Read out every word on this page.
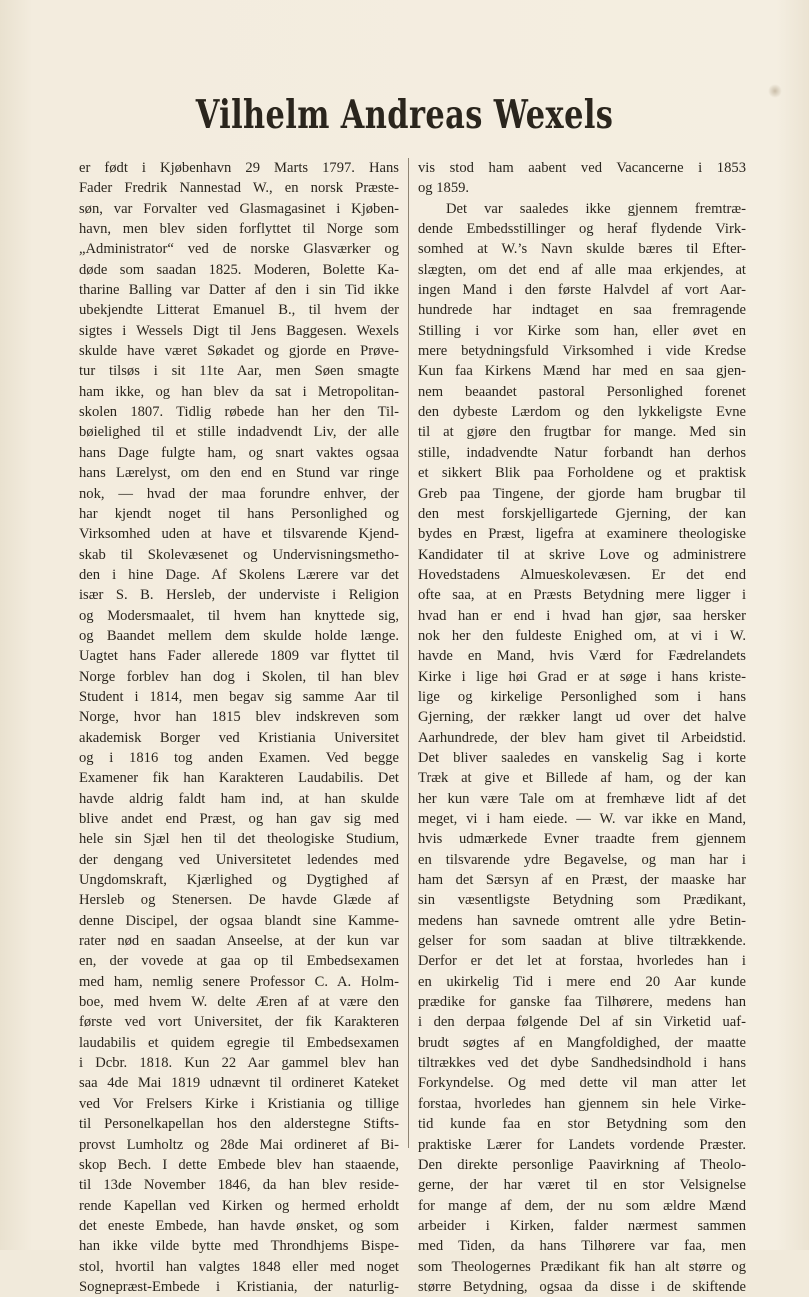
Vilhelm Andreas Wexels

er født i Kjøbenhavn 29 Marts 1797. Hans

Fader Fredrik Nannestad W., en norsk Præste-

søn, var Forvalter ved Glasmagasinet i Kjøben-

havn, men blev siden forflyttet til Norge som

„Administrator“ ved de norske Glasværker og

døde som saadan 1825. Moderen, Bolette Ka-

tharine Balling var Datter af den i sin Tid ikke

ubekjendte Litterat Emanuel B., til hvem der

sigtes i Wessels Digt til Jens Baggesen. Wexels

skulde have været Søkadet og gjorde en Prøve-

tur tilsøs i sit 11te Aar, men Søen smagte

ham ikke, og han blev da sat i Metropolitan-

skolen 1807. Tidlig røbede han her den Til-

bøielighed til et stille indadvendt Liv, der alle

hans Dage fulgte ham, og snart vaktes ogsaa

hans Lærelyst, om den end en Stund var ringe

nok, — hvad der maa forundre enhver, der

har kjendt noget til hans Personlighed og

Virksomhed uden at have et tilsvarende Kjend-

skab til Skolevæsenet og Undervisningsmetho-

den i hine Dage. Af Skolens Lærere var det

især S. B. Hersleb, der underviste i Religion

og Modersmaalet, til hvem han knyttede sig,

og Baandet mellem dem skulde holde længe.

Uagtet hans Fader allerede 1809 var flyttet til

Norge forblev han dog i Skolen, til han blev

Student i 1814, men begav sig samme Aar til

Norge, hvor han 1815 blev indskreven som

akademisk Borger ved Kristiania Universitet

og i 1816 tog anden Examen. Ved begge

Examener fik han Karakteren Laudabilis. Det

havde aldrig faldt ham ind, at han skulde

blive andet end Præst, og han gav sig med

hele sin Sjæl hen til det theologiske Studium,

der dengang ved Universitetet ledendes med

Ungdomskraft, Kjærlighed og Dygtighed af

Hersleb og Stenersen. De havde Glæde af

denne Discipel, der ogsaa blandt sine Kamme-

rater nød en saadan Anseelse, at der kun var

en, der vovede at gaa op til Embedsexamen

med ham, nemlig senere Professor C. A. Holm-

boe, med hvem W. delte Æren af at være den

første ved vort Universitet, der fik Karakteren

laudabilis et quidem egregie til Embedsexamen

i Dcbr. 1818. Kun 22 Aar gammel blev han

saa 4de Mai 1819 udnævnt til ordineret Kateket

ved Vor Frelsers Kirke i Kristiania og tillige

til Personelkapellan hos den alderstegne Stifts-

provst Lumholtz og 28de Mai ordineret af Bi-

skop Bech. I dette Embede blev han staaende,

til 13de November 1846, da han blev reside-

rende Kapellan ved Kirken og hermed erholdt

det eneste Embede, han havde ønsket, og som

han ikke vilde bytte med Throndhjems Bispe-

stol, hvortil han valgtes 1848 eller med noget

Sognepræst-Embede i Kristiania, der naturlig-

vis stod ham aabent ved Vacancerne i 1853

og 1859.

Det var saaledes ikke gjennem fremtræ-

dende Embedsstillinger og heraf flydende Virk-

somhed at W.’s Navn skulde bæres til Efter-

slægten, om det end af alle maa erkjendes, at

ingen Mand i den første Halvdel af vort Aar-

hundrede har indtaget en saa fremragende

Stilling i vor Kirke som han, eller øvet en

mere betydningsfuld Virksomhed i vide Kredse

Kun faa Kirkens Mænd har med en saa gjen-

nem beaandet pastoral Personlighed forenet

den dybeste Lærdom og den lykkeligste Evne

til at gjøre den frugtbar for mange. Med sin

stille, indadvendte Natur forbandt han derhos

et sikkert Blik paa Forholdene og et praktisk

Greb paa Tingene, der gjorde ham brugbar til

den mest forskjelligartede Gjerning, der kan

bydes en Præst, ligefra at examinere theologiske

Kandidater til at skrive Love og administrere

Hovedstadens Almueskolevæsen. Er det end

ofte saa, at en Præsts Betydning mere ligger i

hvad han er end i hvad han gjør, saa hersker

nok her den fuldeste Enighed om, at vi i W.

havde en Mand, hvis Værd for Fædrelandets

Kirke i lige høi Grad er at søge i hans kriste-

lige og kirkelige Personlighed som i hans

Gjerning, der rækker langt ud over det halve

Aarhundrede, der blev ham givet til Arbeidstid.

Det bliver saaledes en vanskelig Sag i korte

Træk at give et Billede af ham, og der kan

her kun være Tale om at fremhæve lidt af det

meget, vi i ham eiede. — W. var ikke en Mand,

hvis udmærkede Evner traadte frem gjennem

en tilsvarende ydre Begavelse, og man har i

ham det Særsyn af en Præst, der maaske har

sin væsentligste Betydning som Prædikant,

medens han savnede omtrent alle ydre Betin-

gelser for som saadan at blive tiltrækkende.

Derfor er det let at forstaa, hvorledes han i

en ukirkelig Tid i mere end 20 Aar kunde

prædike for ganske faa Tilhørere, medens han

i den derpaa følgende Del af sin Virketid uaf-

brudt søgtes af en Mangfoldighed, der maatte

tiltrækkes ved det dybe Sandhedsindhold i hans

Forkyndelse. Og med dette vil man atter let

forstaa, hvorledes han gjennem sin hele Virke-

tid kunde faa en stor Betydning som den

praktiske Lærer for Landets vordende Præster.

Den direkte personlige Paavirkning af Theolo-

gerne, der har været til en stor Velsignelse

for mange af dem, der nu som ældre Mænd

arbeider i Kirken, falder nærmest sammen

med Tiden, da hans Tilhørere var faa, men

som Theologernes Prædikant fik han alt større og

større Betydning, ogsaa da disse i de skiftende
